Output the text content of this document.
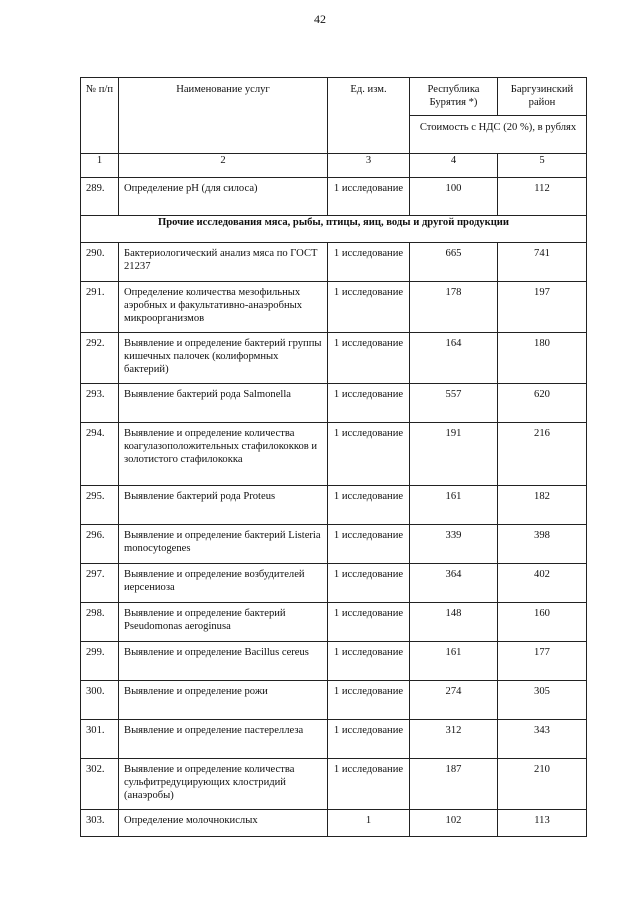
42
№ п/п	Наименование услуг	Ед. изм.	Республика Бурятия *)	Баргузинский район
			Стоимость с НДС (20 %), в рублях	
1	2	3	4	5
289.	Определение pH (для силоса)	1 исследование	100	112
Прочие исследования мяса, рыбы, птицы, яиц, воды и другой продукции				
290.	Бактериологический анализ мяса по ГОСТ 21237	1 исследование	665	741
291.	Определение количества мезофильных аэробных и факультативно-анаэробных микроорганизмов	1 исследование	178	197
292.	Выявление и определение бактерий группы кишечных палочек (колиформных бактерий)	1 исследование	164	180
293.	Выявление бактерий рода Salmonella	1 исследование	557	620
294.	Выявление и определение количества коагулазоположительных стафилококков и золотистого стафилококка	1 исследование	191	216
295.	Выявление бактерий рода Proteus	1 исследование	161	182
296.	Выявление и определение бактерий Listeria monocytogenes	1 исследование	339	398
297.	Выявление и определение возбудителей иерсениоза	1 исследование	364	402
298.	Выявление и определение бактерий Pseudomonas aeroginusa	1 исследование	148	160
299.	Выявление и определение Bacillus cereus	1 исследование	161	177
300.	Выявление и определение рожи	1 исследование	274	305
301.	Выявление и определение пастереллеза	1 исследование	312	343
302.	Выявление и определение количества сульфитредуцирующих клостридий (анаэробы)	1 исследование	187	210
303.	Определение молочнокислых	1	102	113
